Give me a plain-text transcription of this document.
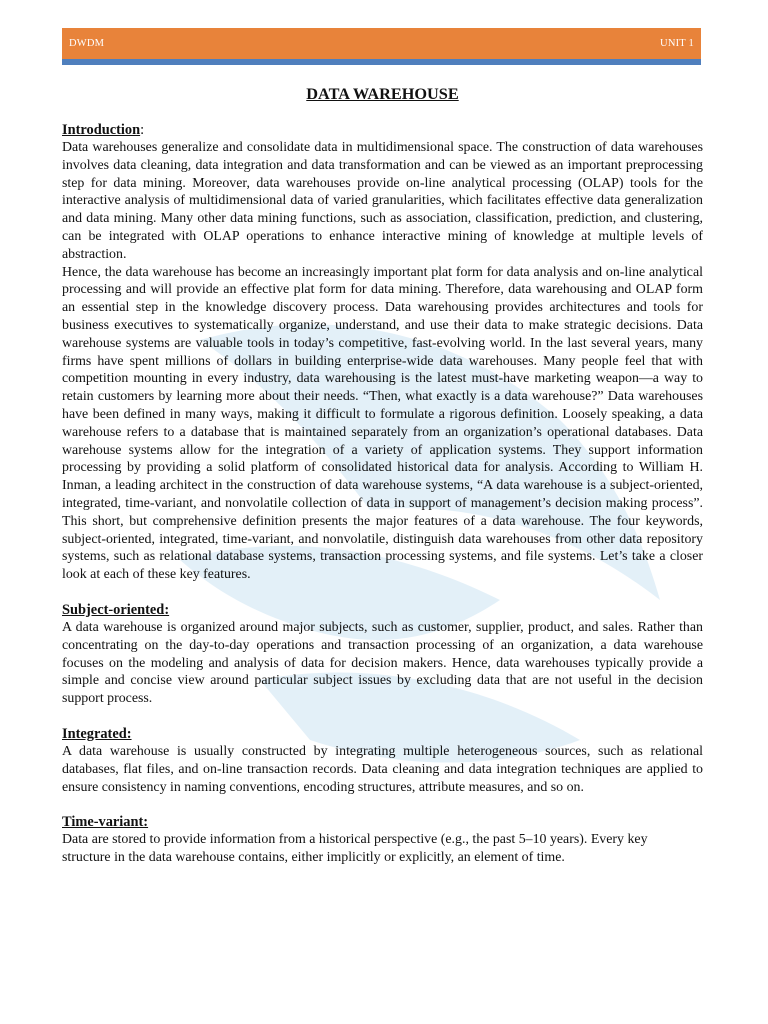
DWDM	UNIT 1
DATA WAREHOUSE
Introduction:

Data warehouses generalize and consolidate data in multidimensional space. The construction of data warehouses involves data cleaning, data integration and data transformation and can be viewed as an important preprocessing step for data mining. Moreover, data warehouses provide on-line analytical processing (OLAP) tools for the interactive analysis of multidimensional data of varied granularities, which facilitates effective data generalization and data mining. Many other data mining functions, such as association, classification, prediction, and clustering, can be integrated with OLAP operations to enhance interactive mining of knowledge at multiple levels of abstraction.

Hence, the data warehouse has become an increasingly important plat form for data analysis and on-line analytical processing and will provide an effective plat form for data mining. Therefore, data warehousing and OLAP form an essential step in the knowledge discovery process. Data warehousing provides architectures and tools for business executives to systematically organize, understand, and use their data to make strategic decisions. Data warehouse systems are valuable tools in today’s competitive, fast-evolving world. In the last several years, many firms have spent millions of dollars in building enterprise-wide data warehouses. Many people feel that with competition mounting in every industry, data warehousing is the latest must-have marketing weapon—a way to retain customers by learning more about their needs. “Then, what exactly is a data warehouse?” Data warehouses have been defined in many ways, making it difficult to formulate a rigorous definition. Loosely speaking, a data warehouse refers to a database that is maintained separately from an organization’s operational databases. Data warehouse systems allow for the integration of a variety of application systems. They support information processing by providing a solid platform of consolidated historical data for analysis. According to William H. Inman, a leading architect in the construction of data warehouse systems, “A data warehouse is a subject-oriented, integrated, time-variant, and nonvolatile collection of data in support of management’s decision making process”. This short, but comprehensive definition presents the major features of a data warehouse. The four keywords, subject-oriented, integrated, time-variant, and nonvolatile, distinguish data warehouses from other data repository systems, such as relational database systems, transaction processing systems, and file systems. Let’s take a closer look at each of these key features.

Subject-oriented:

A data warehouse is organized around major subjects, such as customer, supplier, product, and sales. Rather than concentrating on the day-to-day operations and transaction processing of an organization, a data warehouse focuses on the modeling and analysis of data for decision makers. Hence, data warehouses typically provide a simple and concise view around particular subject issues by excluding data that are not useful in the decision support process.

Integrated:

A data warehouse is usually constructed by integrating multiple heterogeneous sources, such as relational databases, flat files, and on-line transaction records. Data cleaning and data integration techniques are applied to ensure consistency in naming conventions, encoding structures, attribute measures, and so on.

Time-variant:

Data are stored to provide information from a historical perspective (e.g., the past 5–10 years). Every key
structure in the data warehouse contains, either implicitly or explicitly, an element of time.
